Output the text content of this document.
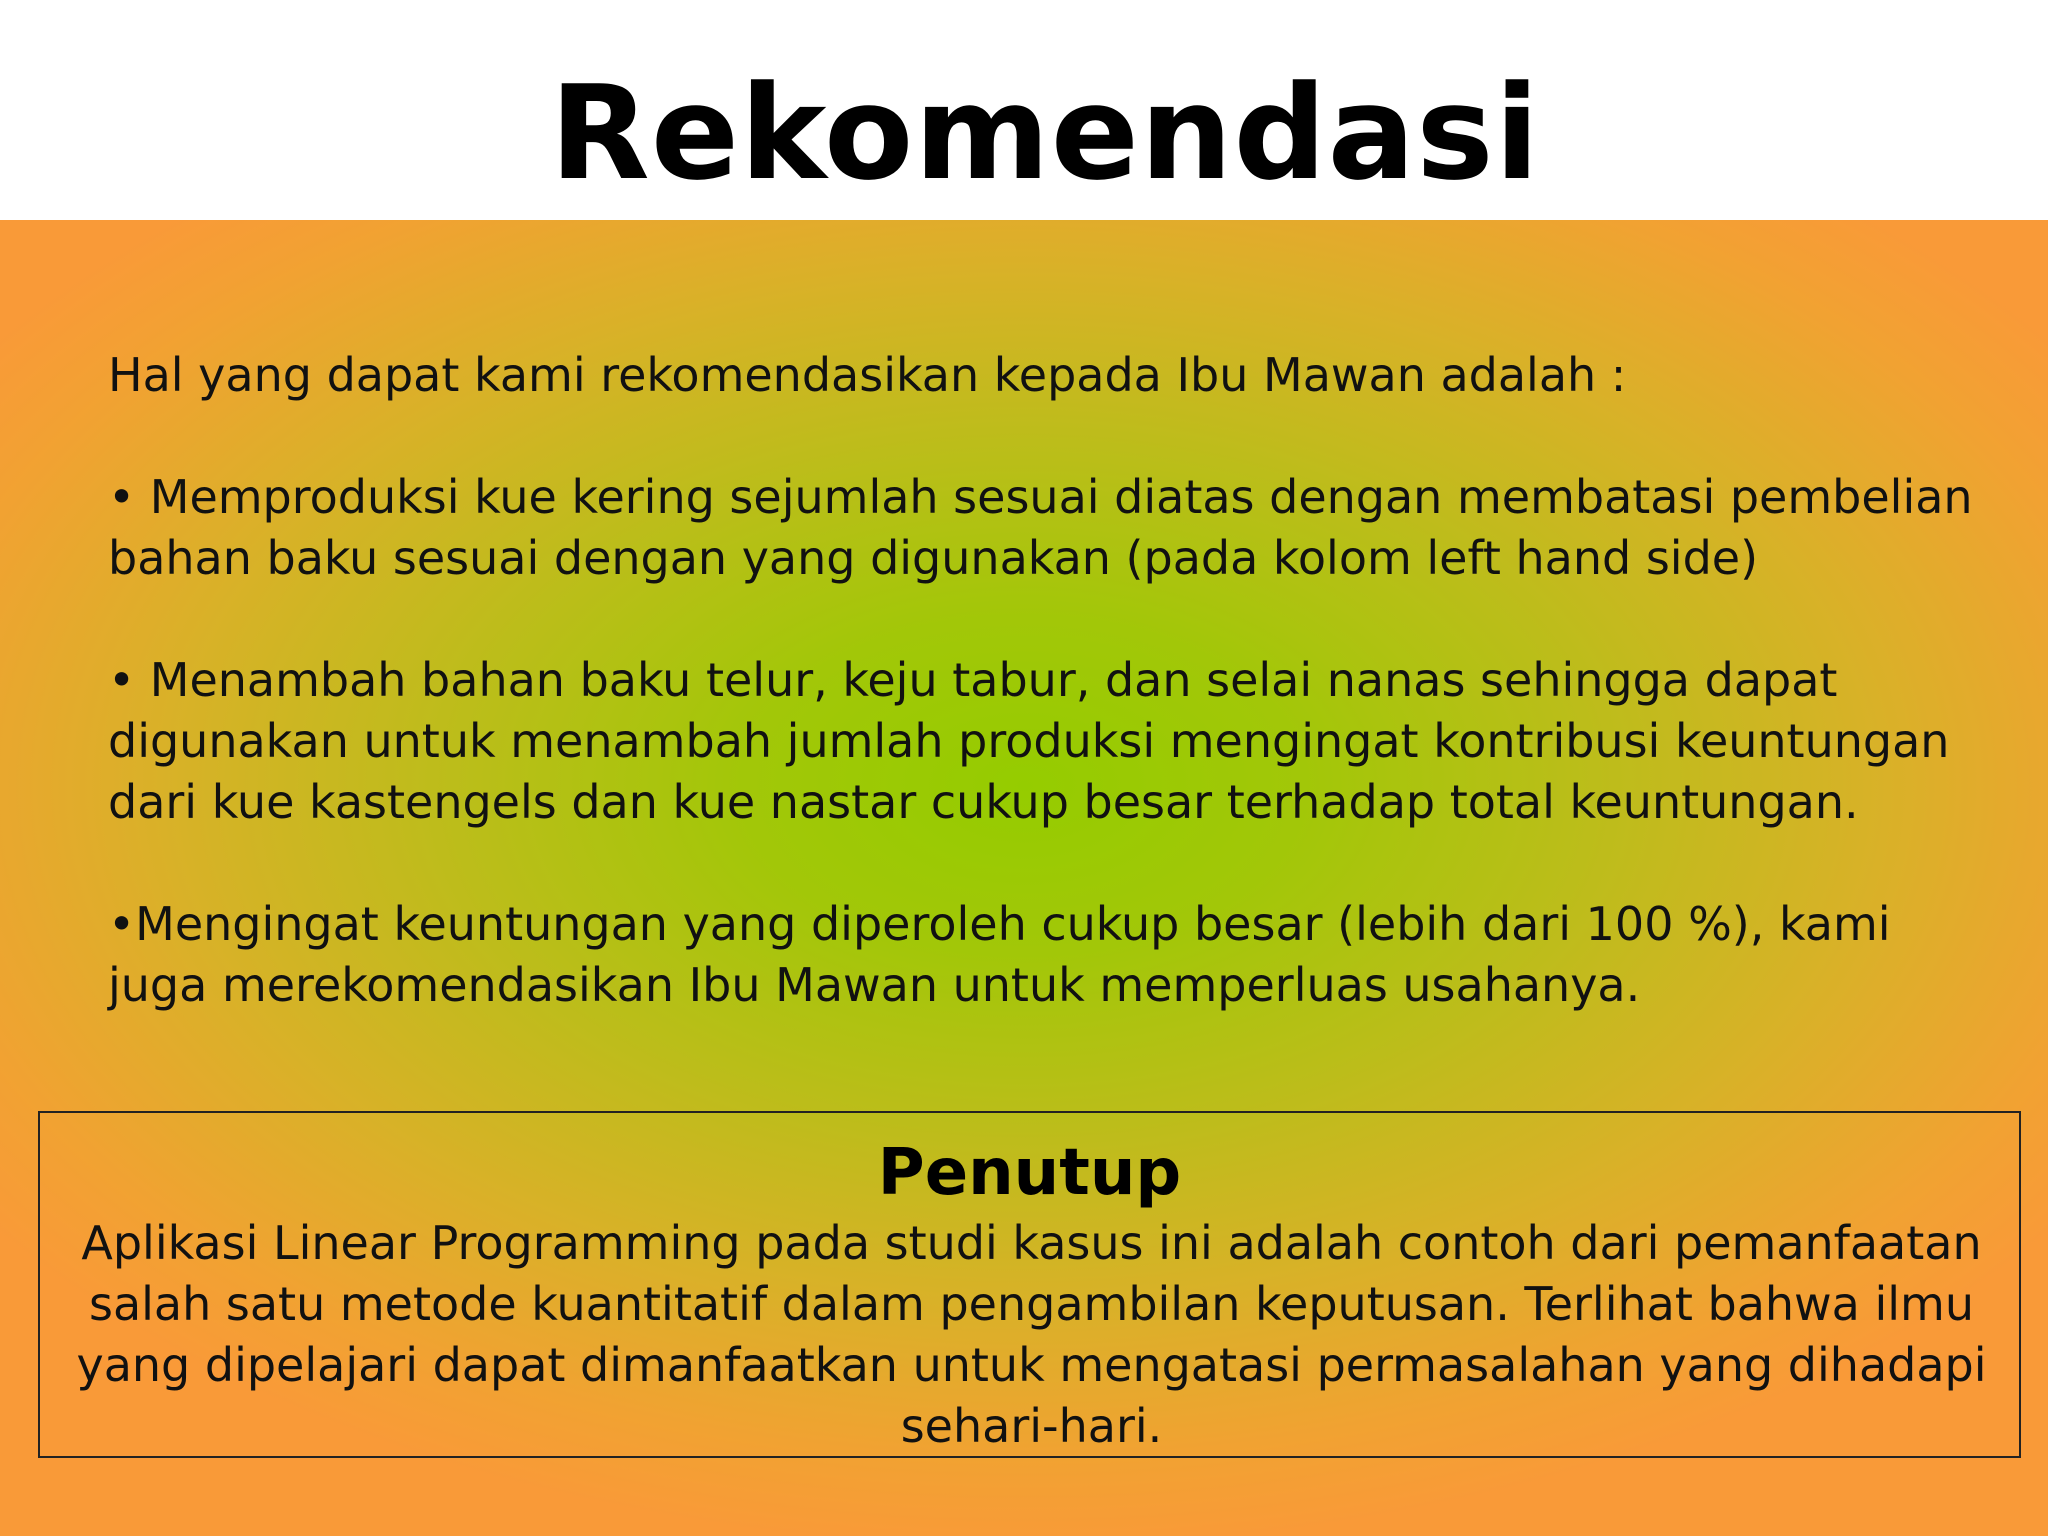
Rekomendasi

Hal yang dapat kami rekomendasikan kepada Ibu Mawan adalah :

• Memproduksi kue kering sejumlah sesuai diatas dengan membatasi pembelian

bahan baku sesuai dengan yang digunakan (pada kolom left hand side)

• Menambah bahan baku telur, keju tabur, dan selai nanas sehingga dapat

digunakan untuk menambah jumlah produksi mengingat kontribusi keuntungan

dari kue kastengels dan kue nastar cukup besar terhadap total keuntungan.

•Mengingat keuntungan yang diperoleh cukup besar (lebih dari 100 %), kami

juga merekomendasikan Ibu Mawan untuk memperluas usahanya.

Penutup
Aplikasi Linear Programming pada studi kasus ini adalah contoh dari pemanfaatan
salah satu metode kuantitatif dalam pengambilan keputusan. Terlihat bahwa ilmu
yang dipelajari dapat dimanfaatkan untuk mengatasi permasalahan yang dihadapi
sehari-hari.
